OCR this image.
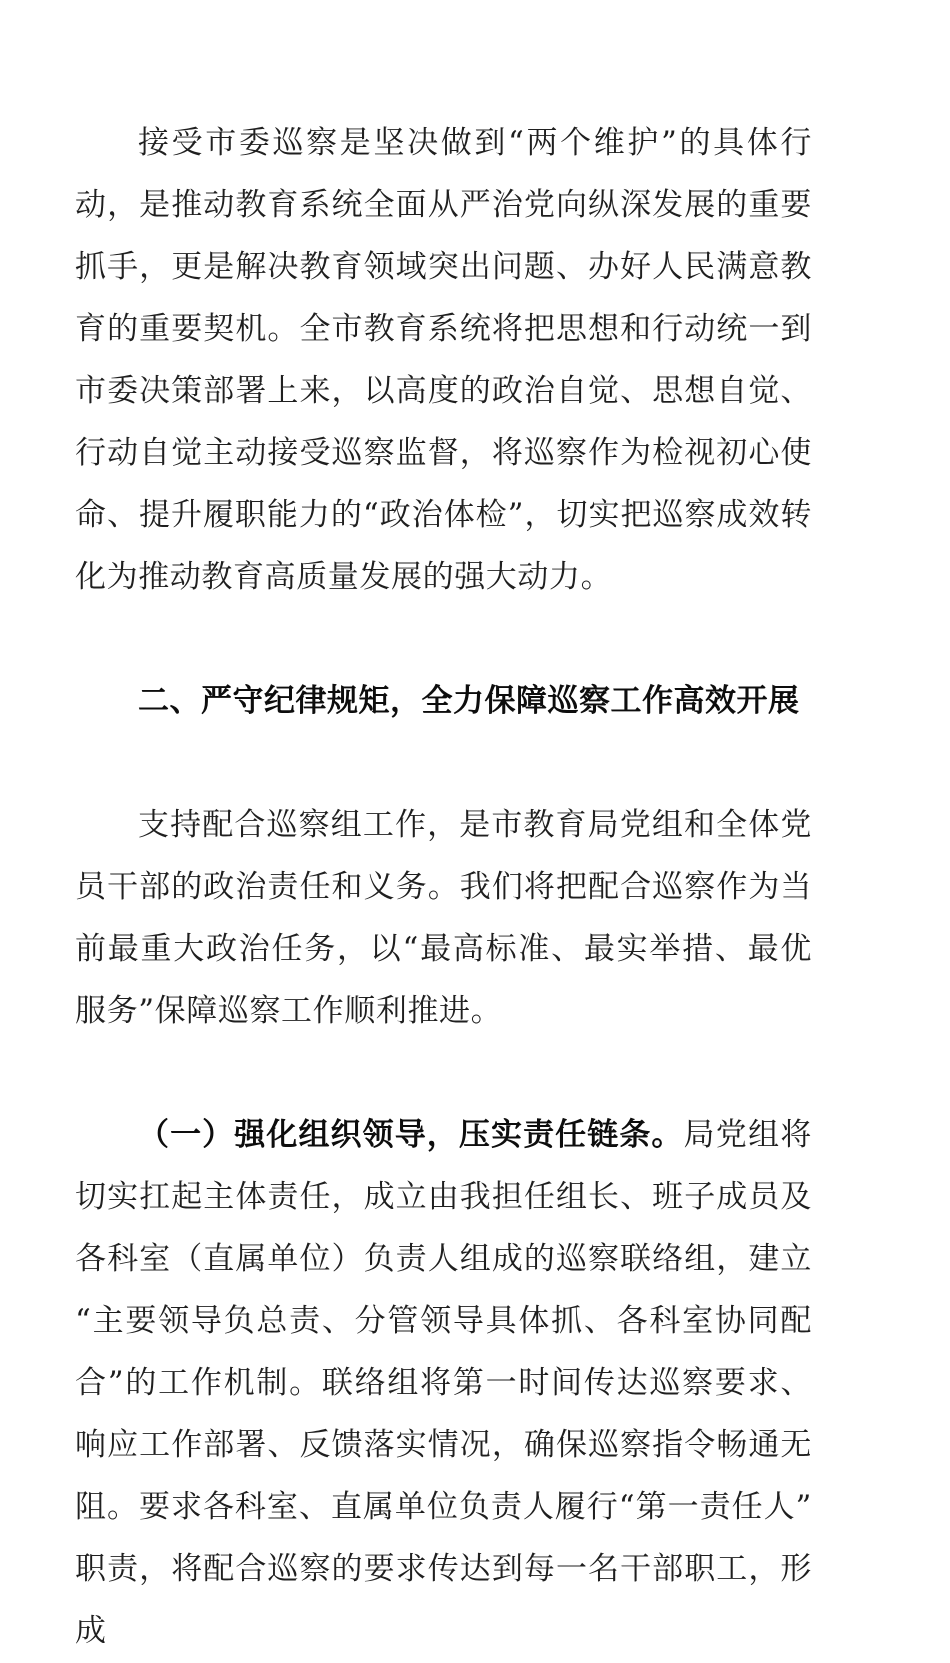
接受市委巡察是坚决做到“两个维护”的具体行动，是推动教育系统全面从严治党向纵深发展的重要抓手，更是解决教育领域突出问题、办好人民满意教育的重要契机。全市教育系统将把思想和行动统一到市委决策部署上来，以高度的政治自觉、思想自觉、行动自觉主动接受巡察监督，将巡察作为检视初心使命、提升履职能力的“政治体检”，切实把巡察成效转化为推动教育高质量发展的强大动力。

二、严守纪律规矩，全力保障巡察工作高效开展

支持配合巡察组工作，是市教育局党组和全体党员干部的政治责任和义务。我们将把配合巡察作为当前最重大政治任务，以“最高标准、最实举措、最优服务”保障巡察工作顺利推进。

（一）强化组织领导，压实责任链条。局党组将切实扛起主体责任，成立由我担任组长、班子成员及各科室（直属单位）负责人组成的巡察联络组，建立“主要领导负总责、分管领导具体抓、各科室协同配合”的工作机制。联络组将第一时间传达巡察要求、响应工作部署、反馈落实情况，确保巡察指令畅通无阻。要求各科室、直属单位负责人履行“第一责任人”职责，将配合巡察的要求传达到每一名干部职工，形成
